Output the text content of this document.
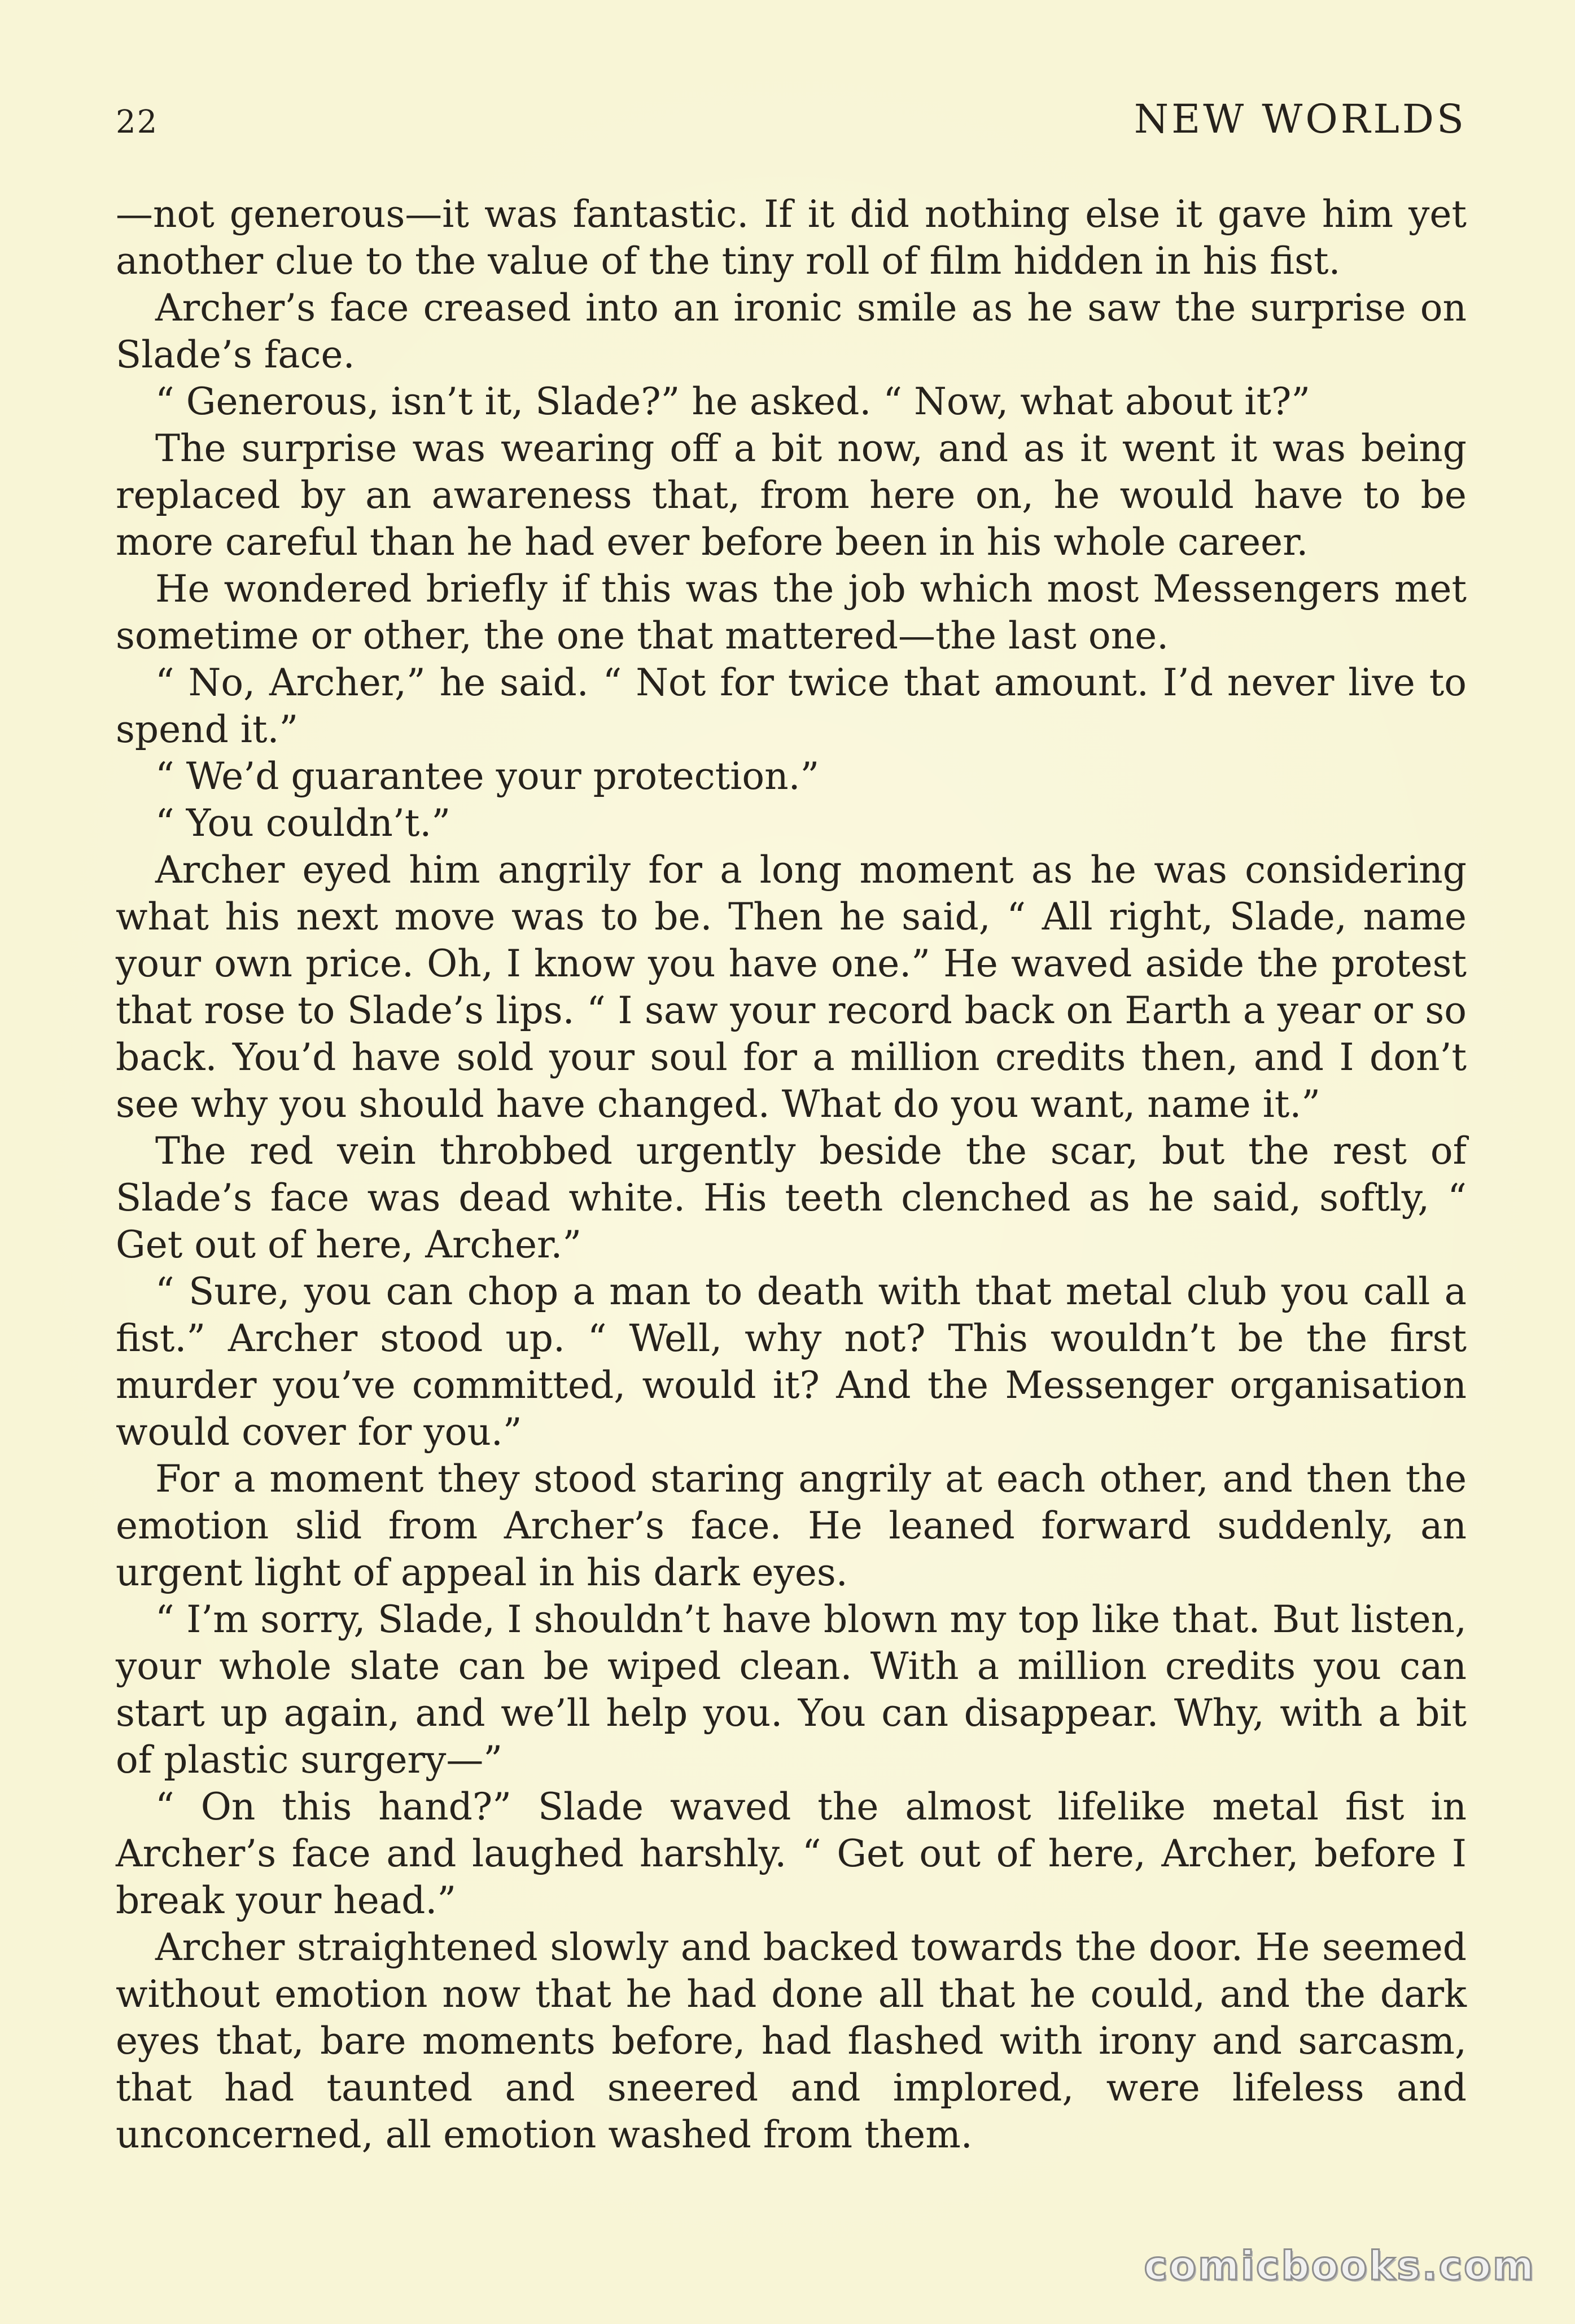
22	NEW WORLDS

—not generous—it was fantastic. If it did nothing else it gave him yet another clue to the value of the tiny roll of film hidden in his fist.

Archer’s face creased into an ironic smile as he saw the surprise on Slade’s face.

“ Generous, isn’t it, Slade?” he asked. “ Now, what about it?”

The surprise was wearing off a bit now, and as it went it was being replaced by an awareness that, from here on, he would have to be more careful than he had ever before been in his whole career.

He wondered briefly if this was the job which most Messengers met sometime or other, the one that mattered—the last one.

“ No, Archer,” he said. “ Not for twice that amount. I’d never live to spend it.”

“ We’d guarantee your protection.”

“ You couldn’t.”

Archer eyed him angrily for a long moment as he was considering what his next move was to be. Then he said, “ All right, Slade, name your own price. Oh, I know you have one.” He waved aside the protest that rose to Slade’s lips. “ I saw your record back on Earth a year or so back. You’d have sold your soul for a million credits then, and I don’t see why you should have changed. What do you want, name it.”

The red vein throbbed urgently beside the scar, but the rest of Slade’s face was dead white. His teeth clenched as he said, softly, “ Get out of here, Archer.”

“ Sure, you can chop a man to death with that metal club you call a fist.” Archer stood up. “ Well, why not? This wouldn’t be the first murder you’ve committed, would it? And the Messenger organisation would cover for you.”

For a moment they stood staring angrily at each other, and then the emotion slid from Archer’s face. He leaned forward suddenly, an urgent light of appeal in his dark eyes.

“ I’m sorry, Slade, I shouldn’t have blown my top like that. But listen, your whole slate can be wiped clean. With a million credits you can start up again, and we’ll help you. You can disappear. Why, with a bit of plastic surgery—”

“ On this hand?” Slade waved the almost lifelike metal fist in Archer’s face and laughed harshly. “ Get out of here, Archer, before I break your head.”

Archer straightened slowly and backed towards the door. He seemed without emotion now that he had done all that he could, and the dark eyes that, bare moments before, had flashed with irony and sarcasm, that had taunted and sneered and implored, were lifeless and unconcerned, all emotion washed from them.

comicbooks.com
